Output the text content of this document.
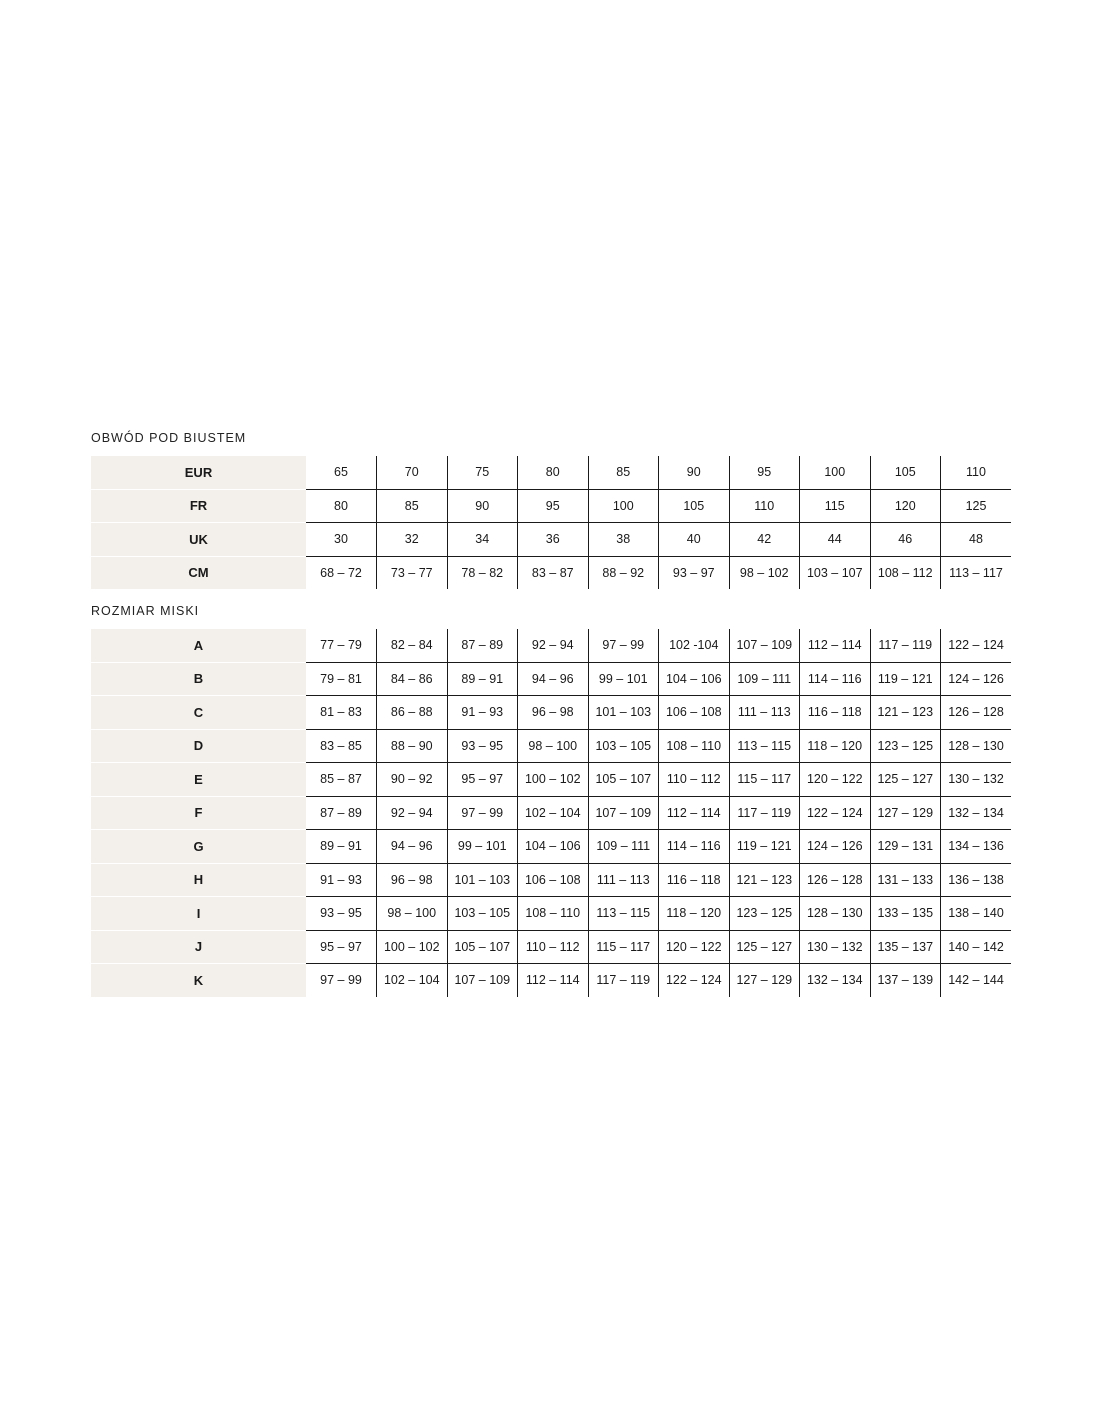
OBWÓD POD BIUSTEM
EUR	65	70	75	80	85	90	95	100	105	110
FR	80	85	90	95	100	105	110	115	120	125
UK	30	32	34	36	38	40	42	44	46	48
CM	68 – 72	73 – 77	78 – 82	83 – 87	88 – 92	93 – 97	98 – 102	103 – 107	108 – 112	113 – 117
ROZMIAR MISKI
A	77 – 79	82 – 84	87 – 89	92 – 94	97 – 99	102 -104	107 – 109	112 – 114	117 – 119	122 – 124
B	79 – 81	84 – 86	89 – 91	94 – 96	99 – 101	104 – 106	109 – 111	114 – 116	119 – 121	124 – 126
C	81 – 83	86 – 88	91 – 93	96 – 98	101 – 103	106 – 108	111 – 113	116 – 118	121 – 123	126 – 128
D	83 – 85	88 – 90	93 – 95	98 – 100	103 – 105	108 – 110	113 – 115	118 – 120	123 – 125	128 – 130
E	85 – 87	90 – 92	95 – 97	100 – 102	105 – 107	110 – 112	115 – 117	120 – 122	125 – 127	130 – 132
F	87 – 89	92 – 94	97 – 99	102 – 104	107 – 109	112 – 114	117 – 119	122 – 124	127 – 129	132 – 134
G	89 – 91	94 – 96	99 – 101	104 – 106	109 – 111	114 – 116	119 – 121	124 – 126	129 – 131	134 – 136
H	91 – 93	96 – 98	101 – 103	106 – 108	111 – 113	116 – 118	121 – 123	126 – 128	131 – 133	136 – 138
I	93 – 95	98 – 100	103 – 105	108 – 110	113 – 115	118 – 120	123 – 125	128 – 130	133 – 135	138 – 140
J	95 – 97	100 – 102	105 – 107	110 – 112	115 – 117	120 – 122	125 – 127	130 – 132	135 – 137	140 – 142
K	97 – 99	102 – 104	107 – 109	112 – 114	117 – 119	122 – 124	127 – 129	132 – 134	137 – 139	142 – 144
